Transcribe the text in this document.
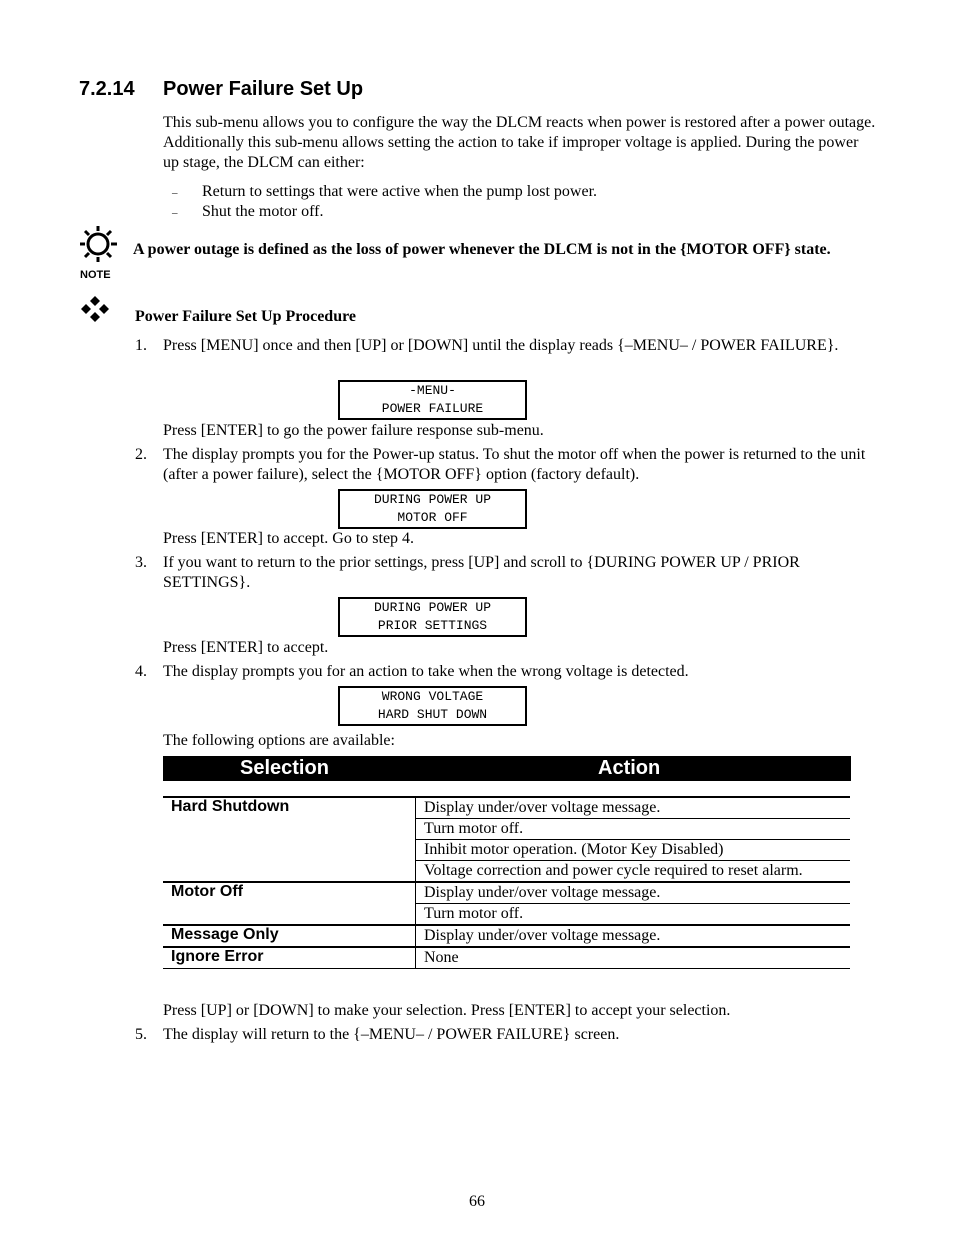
7.2.14 Power Failure Set Up
This sub-menu allows you to configure the way the DLCM reacts when power is restored after a power outage. Additionally this sub-menu allows setting the action to take if improper voltage is applied. During the power up stage, the DLCM can either:
– Return to settings that were active when the pump lost power.
– Shut the motor off.
NOTE
A power outage is defined as the loss of power whenever the DLCM is not in the {MOTOR OFF} state.
Power Failure Set Up Procedure
1. Press [MENU] once and then [UP] or [DOWN] until the display reads {–MENU– / POWER FAILURE}.
-MENU-
POWER FAILURE
Press [ENTER] to go the power failure response sub-menu.
2. The display prompts you for the Power-up status. To shut the motor off when the power is returned to the unit (after a power failure), select the {MOTOR OFF} option (factory default).
DURING POWER UP
MOTOR OFF
Press [ENTER] to accept. Go to step 4.
3. If you want to return to the prior settings, press [UP] and scroll to {DURING POWER UP / PRIOR SETTINGS}.
DURING POWER UP
PRIOR SETTINGS
Press [ENTER] to accept.
4. The display prompts you for an action to take when the wrong voltage is detected.
WRONG VOLTAGE
HARD SHUT DOWN
The following options are available:
Selection	Action
Hard Shutdown	Display under/over voltage message.
	Turn motor off.
	Inhibit motor operation. (Motor Key Disabled)
	Voltage correction and power cycle required to reset alarm.
Motor Off	Display under/over voltage message.
	Turn motor off.
Message Only	Display under/over voltage message.
Ignore Error	None
Press [UP] or [DOWN] to make your selection. Press [ENTER] to accept your selection.
5. The display will return to the {–MENU– / POWER FAILURE} screen.
66
